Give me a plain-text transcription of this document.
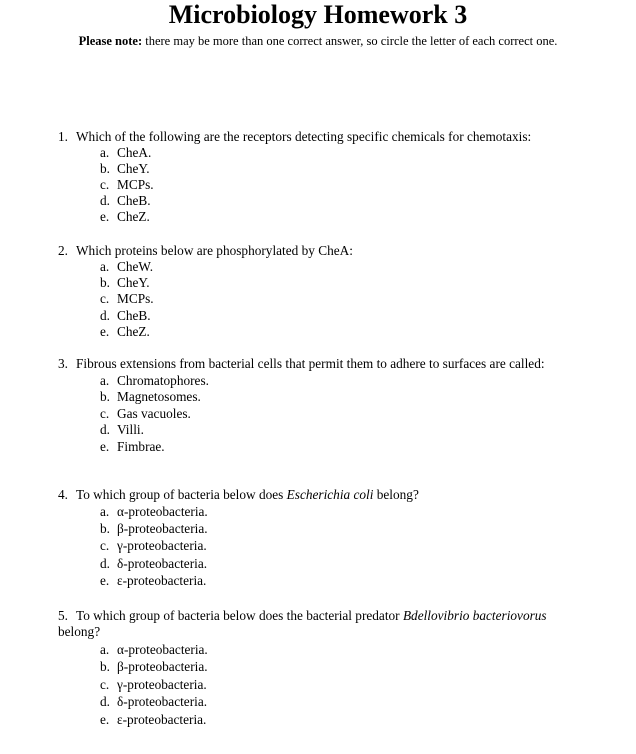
Microbiology Homework 3

Please note: there may be more than one correct answer, so circle the letter of each correct one.

1. Which of the following are the receptors detecting specific chemicals for chemotaxis:

a. CheA.
b. CheY.
c. MCPs.
d. CheB.
e. CheZ.

2. Which proteins below are phosphorylated by CheA:

a. CheW.
b. CheY.
c. MCPs.
d. CheB.
e. CheZ.

3. Fibrous extensions from bacterial cells that permit them to adhere to surfaces are called:

a. Chromatophores.
b. Magnetosomes.
c. Gas vacuoles.
d. Villi.
e. Fimbrae.

4. To which group of bacteria below does Escherichia coli belong?

a. α-proteobacteria.
b. β-proteobacteria.
c. γ-proteobacteria.
d. δ-proteobacteria.
e. ε-proteobacteria.

5. To which group of bacteria below does the bacterial predator Bdellovibrio bacteriovorus belong?

a. α-proteobacteria.
b. β-proteobacteria.
c. γ-proteobacteria.
d. δ-proteobacteria.
e. ε-proteobacteria.
